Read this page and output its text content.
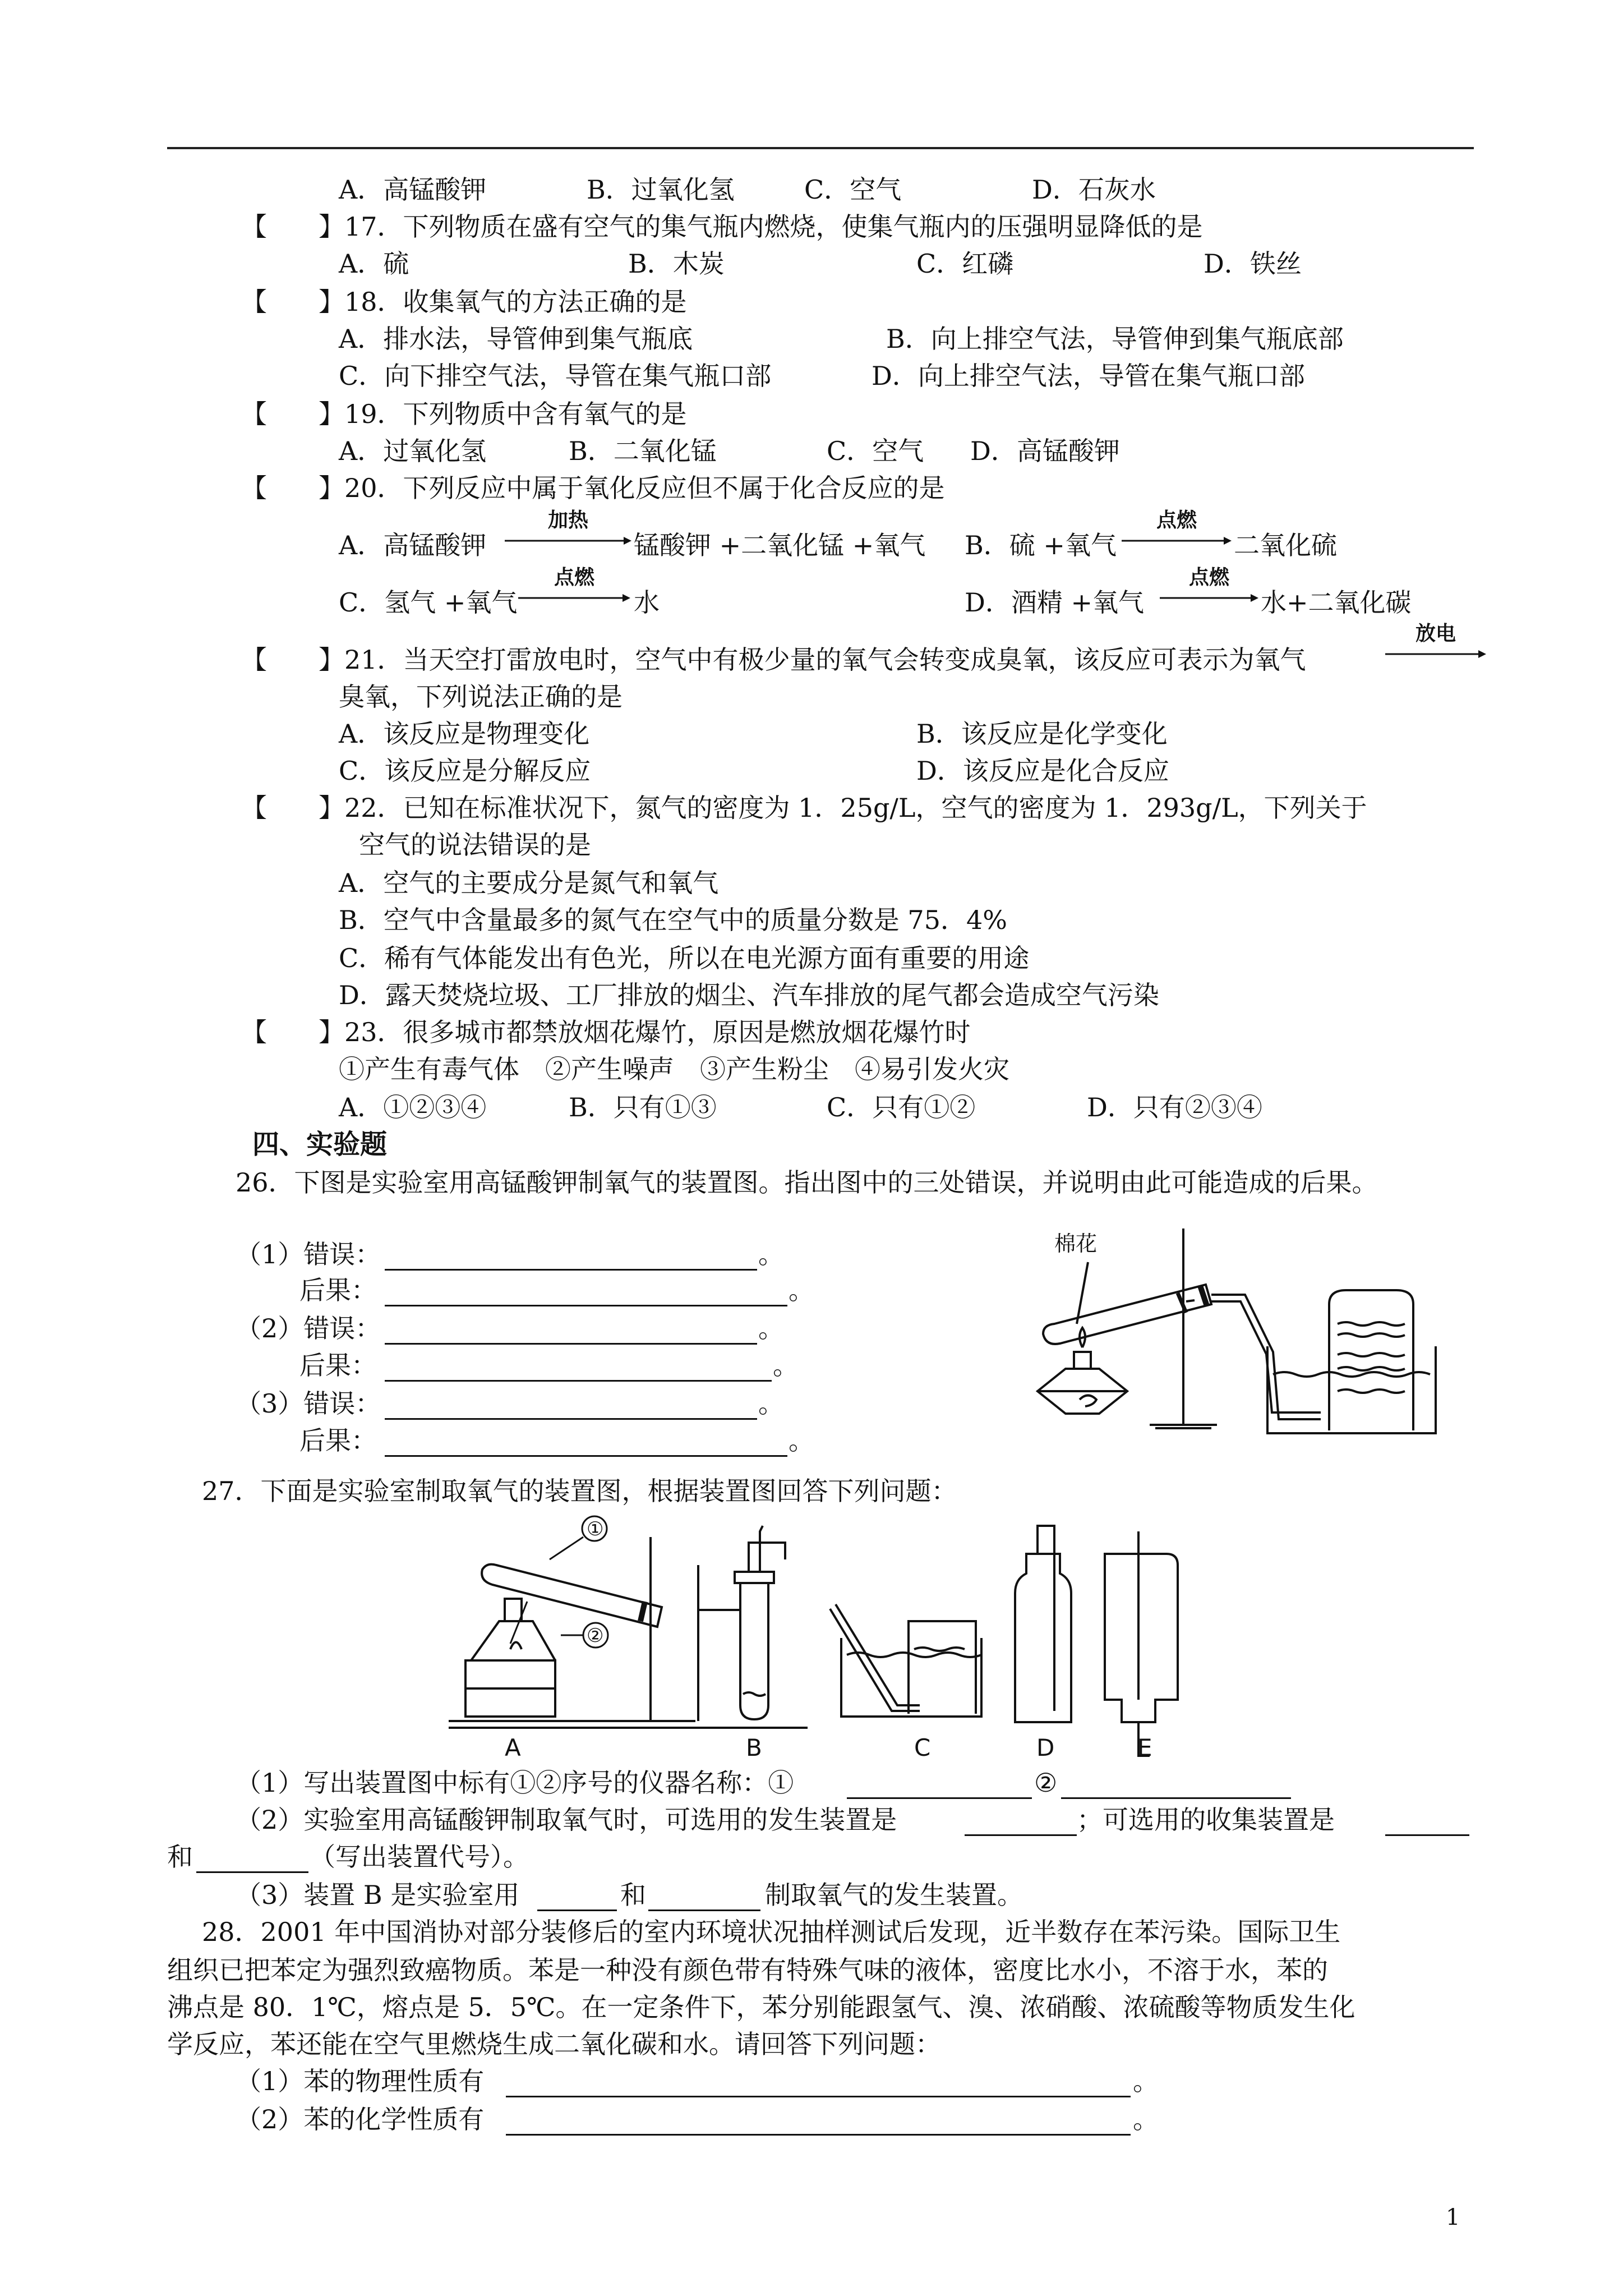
A．高锰酸钾	B．过氧化氢	C．空气	D．石灰水
【　　】17．下列物质在盛有空气的集气瓶内燃烧，使集气瓶内的压强明显降低的是
A．硫	B．木炭	C．红磷	D．铁丝
【　　】18．收集氧气的方法正确的是
A．排水法，导管伸到集气瓶底	B．向上排空气法，导管伸到集气瓶底部
C．向下排空气法，导管在集气瓶口部	D．向上排空气法，导管在集气瓶口部
【　　】19．下列物质中含有氧气的是
A．过氧化氢	B．二氧化锰	C．空气 D．高锰酸钾
【　　】20．下列反应中属于氧化反应但不属于化合反应的是
A．高锰酸钾
加热
锰酸钾 +二氧化锰 +氧气 B．硫 +氧气
点燃
二氧化硫
C．氢气 +氧气
点燃
水	D．酒精 +氧气
点燃
水+二氧化碳
【　　】21．当天空打雷放电时，空气中有极少量的氧气会转变成臭氧，该反应可表示为氧气
放电
臭氧，下列说法正确的是
A．该反应是物理变化	B．该反应是化学变化
C．该反应是分解反应	D．该反应是化合反应
【　　】22．已知在标准状况下，氮气的密度为 1．25g/L，空气的密度为 1．293g/L，下列关于
空气的说法错误的是
A．空气的主要成分是氮气和氧气
B．空气中含量最多的氮气在空气中的质量分数是 75．4%
C．稀有气体能发出有色光，所以在电光源方面有重要的用途
D．露天焚烧垃圾、工厂排放的烟尘、汽车排放的尾气都会造成空气污染
【　　】23．很多城市都禁放烟花爆竹，原因是燃放烟花爆竹时
①产生有毒气体　②产生噪声　③产生粉尘　④易引发火灾
A．①②③④	B．只有①③	C．只有①②	D．只有②③④
四、实验题
26．下图是实验室用高锰酸钾制氧气的装置图。指出图中的三处错误，并说明由此可能造成的后果。
（1）错误：	。
后果：	。
（2）错误：	。
后果：	。
（3）错误：	。
后果：	。
棉花
27．下面是实验室制取氧气的装置图，根据装置图回答下列问题：
①
②
A	B	C	D	E
（1）写出装置图中标有①②序号的仪器名称：①	②
（2）实验室用高锰酸钾制取氧气时，可选用的发生装置是	；可选用的收集装置是
和	（写出装置代号）。
（3）装置 B 是实验室用	和	制取氧气的发生装置。
28．2001 年中国消协对部分装修后的室内环境状况抽样测试后发现，近半数存在苯污染。国际卫生
组织已把苯定为强烈致癌物质。苯是一种没有颜色带有特殊气味的液体，密度比水小，不溶于水，苯的
沸点是 80．1℃，熔点是 5．5℃。在一定条件下，苯分别能跟氢气、溴、浓硝酸、浓硫酸等物质发生化
学反应，苯还能在空气里燃烧生成二氧化碳和水。请回答下列问题：
（1）苯的物理性质有	。
（2）苯的化学性质有	。
1
